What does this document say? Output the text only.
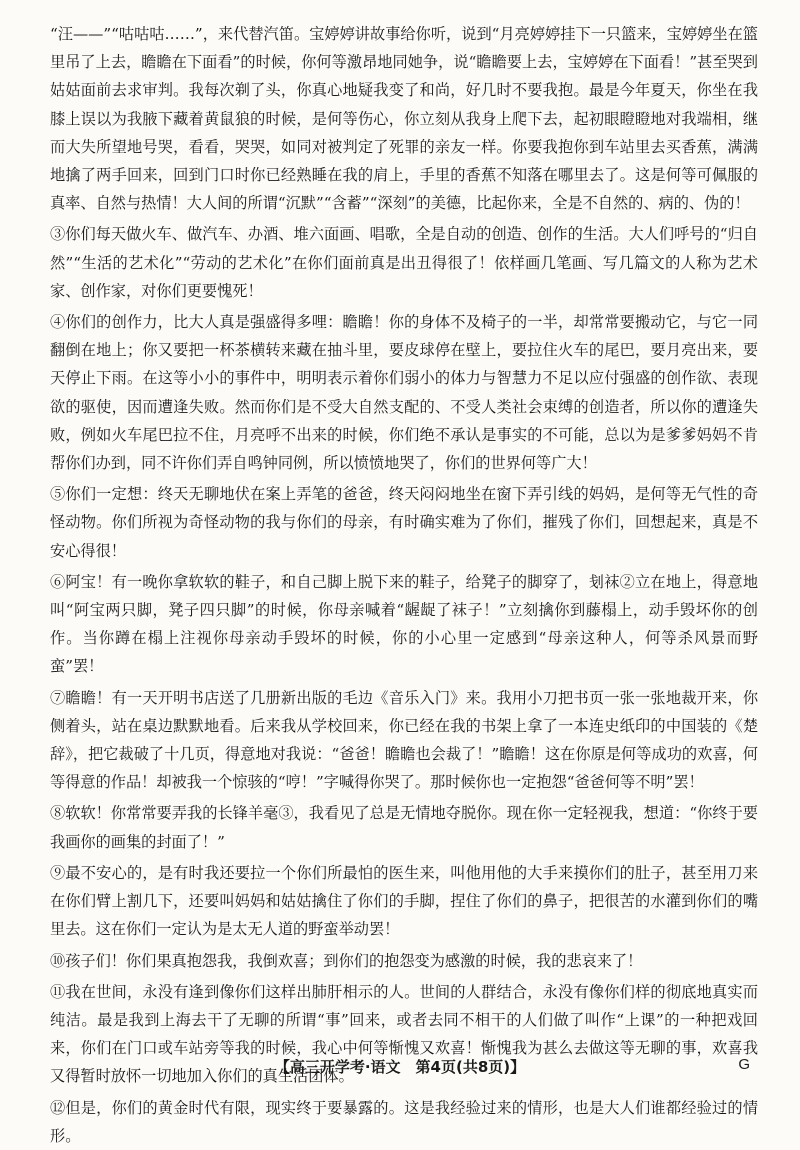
“汪——”“咕咕咕……”，来代替汽笛。宝婷婷讲故事给你听，说到“月亮婷婷挂下一只篮来，宝婷婷坐在篮里吊了上去，瞻瞻在下面看”的时候，你何等激昂地同她争，说“瞻瞻要上去，宝婷婷在下面看！”甚至哭到姑姑面前去求审判。我每次剃了头，你真心地疑我变了和尚，好几时不要我抱。最是今年夏天，你坐在我膝上误以为我腋下藏着黄鼠狼的时候，是何等伤心，你立刻从我身上爬下去，起初眼瞪瞪地对我端相，继而大失所望地号哭，看看，哭哭，如同对被判定了死罪的亲友一样。你要我抱你到车站里去买香蕉，满满地擒了两手回来，回到门口时你已经熟睡在我的肩上，手里的香蕉不知落在哪里去了。这是何等可佩服的真率、自然与热情！大人间的所谓“沉默”“含蓄”“深刻”的美德，比起你来，全是不自然的、病的、伪的！

③你们每天做火车、做汽车、办酒、堆六面画、唱歌，全是自动的创造、创作的生活。大人们呼号的“归自然”“生活的艺术化”“劳动的艺术化”在你们面前真是出丑得很了！依样画几笔画、写几篇文的人称为艺术家、创作家，对你们更要愧死！

④你们的创作力，比大人真是强盛得多哩：瞻瞻！你的身体不及椅子的一半，却常常要搬动它，与它一同翻倒在地上；你又要把一杯茶横转来藏在抽斗里，要皮球停在壁上，要拉住火车的尾巴，要月亮出来，要天停止下雨。在这等小小的事件中，明明表示着你们弱小的体力与智慧力不足以应付强盛的创作欲、表现欲的驱使，因而遭逢失败。然而你们是不受大自然支配的、不受人类社会束缚的创造者，所以你的遭逢失败，例如火车尾巴拉不住，月亮呼不出来的时候，你们绝不承认是事实的不可能，总以为是爹爹妈妈不肯帮你们办到，同不许你们弄自鸣钟同例，所以愤愤地哭了，你们的世界何等广大！

⑤你们一定想：终天无聊地伏在案上弄笔的爸爸，终天闷闷地坐在窗下弄引线的妈妈，是何等无气性的奇怪动物。你们所视为奇怪动物的我与你们的母亲，有时确实难为了你们，摧残了你们，回想起来，真是不安心得很！

⑥阿宝！有一晚你拿软软的鞋子，和自己脚上脱下来的鞋子，给凳子的脚穿了，刬袜②立在地上，得意地叫“阿宝两只脚，凳子四只脚”的时候，你母亲喊着“龌龊了袜子！”立刻擒你到藤榻上，动手毁坏你的创作。当你蹲在榻上注视你母亲动手毁坏的时候，你的小心里一定感到“母亲这种人，何等杀风景而野蛮”罢！

⑦瞻瞻！有一天开明书店送了几册新出版的毛边《音乐入门》来。我用小刀把书页一张一张地裁开来，你侧着头，站在桌边默默地看。后来我从学校回来，你已经在我的书架上拿了一本连史纸印的中国装的《楚辞》，把它裁破了十几页，得意地对我说：“爸爸！瞻瞻也会裁了！”瞻瞻！这在你原是何等成功的欢喜，何等得意的作品！却被我一个惊骇的“哼！”字喊得你哭了。那时候你也一定抱怨“爸爸何等不明”罢！

⑧软软！你常常要弄我的长锋羊毫③，我看见了总是无情地夺脱你。现在你一定轻视我，想道：“你终于要我画你的画集的封面了！”

⑨最不安心的，是有时我还要拉一个你们所最怕的医生来，叫他用他的大手来摸你们的肚子，甚至用刀来在你们臂上割几下，还要叫妈妈和姑姑擒住了你们的手脚，捏住了你们的鼻子，把很苦的水灌到你们的嘴里去。这在你们一定认为是太无人道的野蛮举动罢！

⑩孩子们！你们果真抱怨我，我倒欢喜；到你们的抱怨变为感激的时候，我的悲哀来了！

⑪我在世间，永没有逢到像你们这样出肺肝相示的人。世间的人群结合，永没有像你们样的彻底地真实而纯洁。最是我到上海去干了无聊的所谓“事”回来，或者去同不相干的人们做了叫作“上课”的一种把戏回来，你们在门口或车站旁等我的时候，我心中何等惭愧又欢喜！惭愧我为甚么去做这等无聊的事，欢喜我又得暂时放怀一切地加入你们的真生活团体。

⑫但是，你们的黄金时代有限，现实终于要暴露的。这是我经验过来的情形，也是大人们谁都经验过的情形。

【高三开学考·语文　第4页(共8页)】	G
